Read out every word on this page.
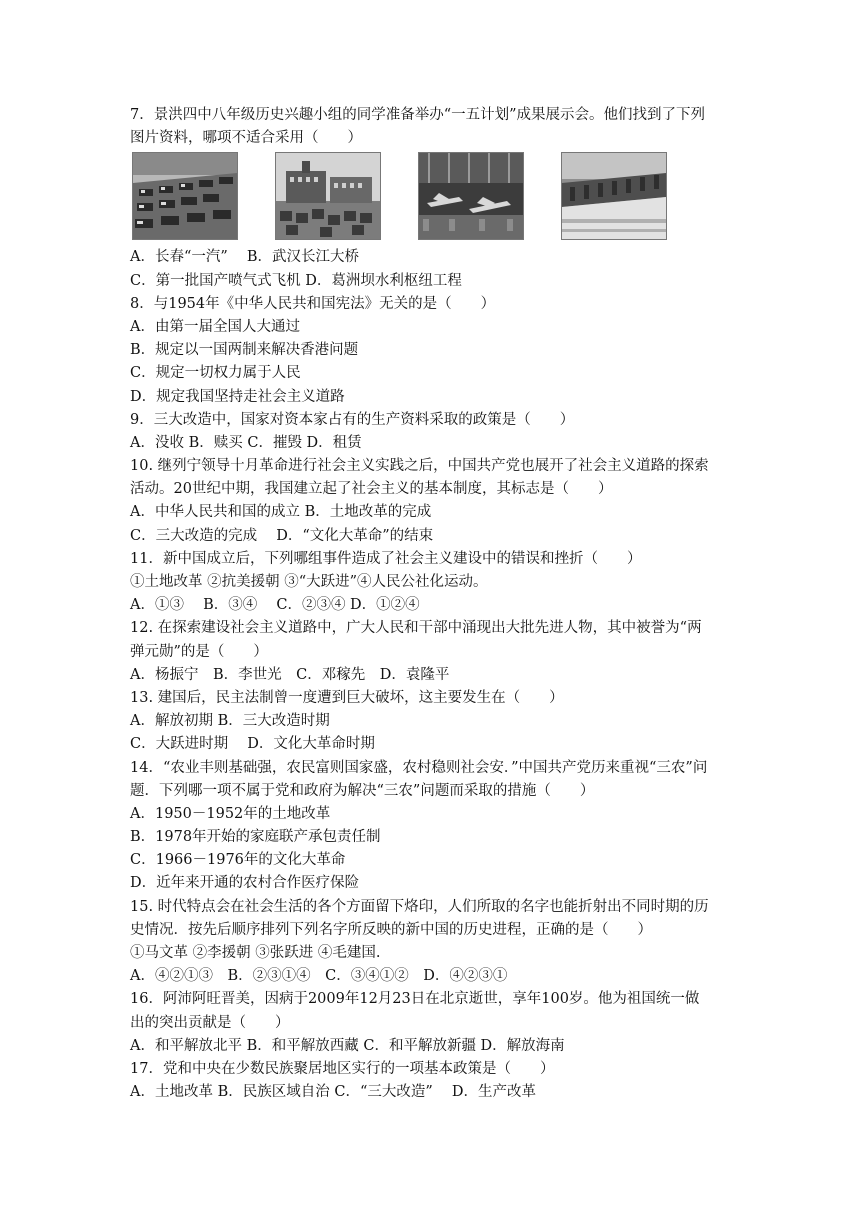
7．景洪四中八年级历史兴趣小组的同学准备举办“一五计划”成果展示会。他们找到了下列
图片资料，哪项不适合采用（　　）
A．长春“一汽”　 B．武汉长江大桥
C．第一批国产喷气式飞机 D．葛洲坝水利枢纽工程
8．与1954年《中华人民共和国宪法》无关的是（　　）
A．由第一届全国人大通过
B．规定以一国两制来解决香港问题
C．规定一切权力属于人民
D．规定我国坚持走社会主义道路
9．三大改造中，国家对资本家占有的生产资料采取的政策是（　　）
A．没收 B．赎买 C．摧毁 D．租赁
10. 继列宁领导十月革命进行社会主义实践之后，中国共产党也展开了社会主义道路的探索
活动。20世纪中期，我国建立起了社会主义的基本制度，其标志是（　　）
A．中华人民共和国的成立 B．土地改革的完成
C．三大改造的完成　 D．“文化大革命”的结束
11．新中国成立后，下列哪组事件造成了社会主义建设中的错误和挫折（　　）
①土地改革 ②抗美援朝 ③“大跃进”④人民公社化运动。
A．①③　 B．③④　 C．②③④ D．①②④
12. 在探索建设社会主义道路中，广大人民和干部中涌现出大批先进人物，其中被誉为“两
弹元勋”的是（　　）
A．杨振宁　B．李世光　C．邓稼先　D．袁隆平
13. 建国后，民主法制曾一度遭到巨大破坏，这主要发生在（　　）
A．解放初期 B．三大改造时期
C．大跃进时期　 D．文化大革命时期
14．“农业丰则基础强，农民富则国家盛，农村稳则社会安．”中国共产党历来重视“三农”问
题．下列哪一项不属于党和政府为解决“三农”问题而采取的措施（　　）
A．1950－1952年的土地改革
B．1978年开始的家庭联产承包责任制
C．1966－1976年的文化大革命
D．近年来开通的农村合作医疗保险
15. 时代特点会在社会生活的各个方面留下烙印，人们所取的名字也能折射出不同时期的历
史情况．按先后顺序排列下列名字所反映的新中国的历史进程，正确的是（　　）
①马文革 ②李援朝 ③张跃进 ④毛建国.
A．④②①③　B．②③①④　C．③④①②　D．④②③①
16．阿沛阿旺晋美，因病于2009年12月23日在北京逝世，享年100岁。他为祖国统一做
出的突出贡献是（　　）
A．和平解放北平 B．和平解放西藏 C．和平解放新疆 D．解放海南
17．党和中央在少数民族聚居地区实行的一项基本政策是（　　）
A．土地改革 B．民族区域自治 C．“三大改造”　 D．生产改革
